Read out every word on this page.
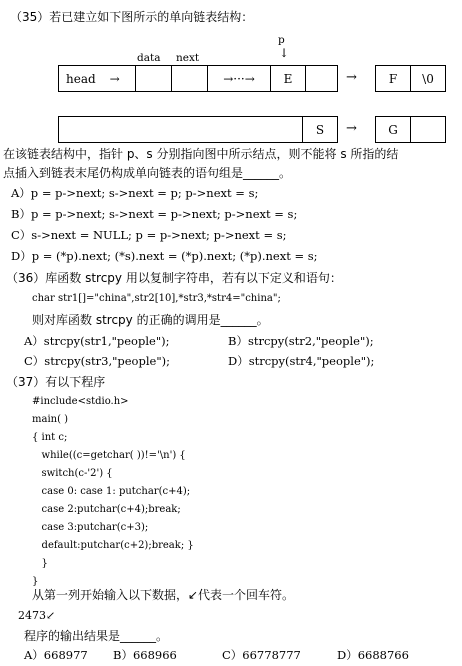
（35）若已建立如下图所示的单向链表结构：
data next
p
↓
head →	→···→ E	→	F \0
S →	G
在该链表结构中，指针 p、s 分别指向图中所示结点，则不能将 s 所指的结
点插入到链表末尾仍构成单向链表的语句组是______。
A）p = p->next; s->next = p; p->next = s;
B）p = p->next; s->next = p->next; p->next = s;
C）s->next = NULL; p = p->next; p->next = s;
D）p = (*p).next; (*s).next = (*p).next; (*p).next = s;
（36）库函数 strcpy 用以复制字符串，若有以下定义和语句：
char str1[]="china",str2[10],*str3,*str4="china";
则对库函数 strcpy 的正确的调用是______。
A）strcpy(str1,"people");	B）strcpy(str2,"people");
C）strcpy(str3,"people");	D）strcpy(str4,"people");
（37）有以下程序
#include<stdio.h>
main( )
{ int c;
while((c=getchar( ))!='\n') {
switch(c-'2') {
case 0: case 1: putchar(c+4);
case 2:putchar(c+4);break;
case 3:putchar(c+3);
default:putchar(c+2);break; }
}
}
从第一列开始输入以下数据，↙代表一个回车符。
2473↙
程序的输出结果是______。
A）668977 B）668966	C）66778777	D）6688766
